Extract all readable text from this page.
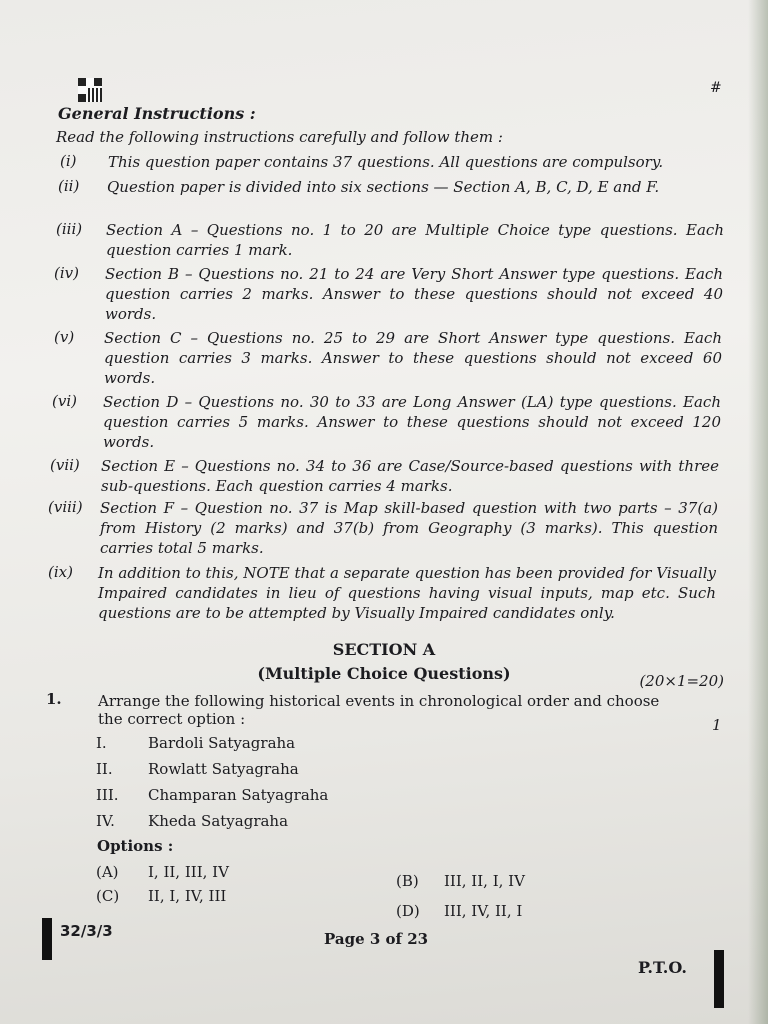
#
General Instructions :
Read the following instructions carefully and follow them :
(i) This question paper contains 37 questions. All questions are compulsory.
(ii) Question paper is divided into six sections — Section A, B, C, D, E and F.
(iii) Section A – Questions no. 1 to 20 are Multiple Choice type questions. Each question carries 1 mark.
(iv) Section B – Questions no. 21 to 24 are Very Short Answer type questions. Each question carries 2 marks. Answer to these questions should not exceed 40 words.
(v) Section C – Questions no. 25 to 29 are Short Answer type questions. Each question carries 3 marks. Answer to these questions should not exceed 60 words.
(vi) Section D – Questions no. 30 to 33 are Long Answer (LA) type questions. Each question carries 5 marks. Answer to these questions should not exceed 120 words.
(vii) Section E – Questions no. 34 to 36 are Case/Source-based questions with three sub-questions. Each question carries 4 marks.
(viii) Section F – Question no. 37 is Map skill-based question with two parts – 37(a) from History (2 marks) and 37(b) from Geography (3 marks). This question carries total 5 marks.
(ix) In addition to this, NOTE that a separate question has been provided for Visually Impaired candidates in lieu of questions having visual inputs, map etc. Such questions are to be attempted by Visually Impaired candidates only.
SECTION A
(Multiple Choice Questions)	(20×1=20)
1. Arrange the following historical events in chronological order and choose the correct option :	1
I.	Bardoli Satyagraha
II. Rowlatt Satyagraha
III. Champaran Satyagraha
IV. Kheda Satyagraha
Options :
(A) I, II, III, IV	(B) III, II, I, IV
(C) II, I, IV, III
(D) III, IV, II, I
32/3/3	Page 3 of 23
P.T.O.
